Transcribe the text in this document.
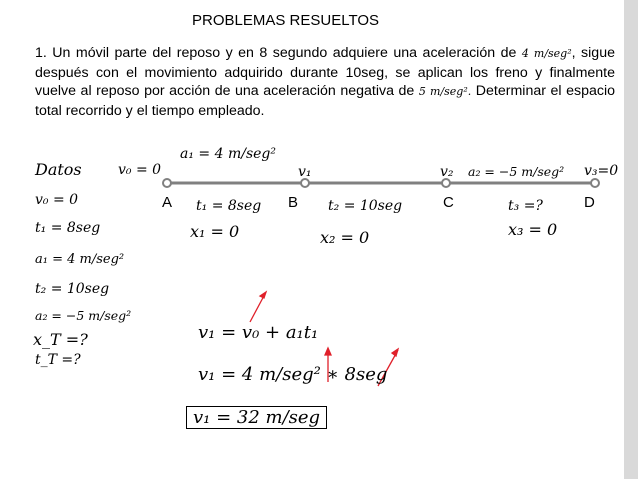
PROBLEMAS RESUELTOS
1. Un móvil parte del reposo y en 8 segundo adquiere una aceleración de 4 m/seg², sigue después con el movimiento adquirido durante 10seg, se aplican los freno y finalmente vuelve al reposo por acción de una aceleración negativa de 5 m/seg². Determinar el espacio total recorrido y el tiempo empleado.
Datos
A	B	C	D
v₀ = 0
a₁ = 4 m/seg²
v₁	v₂ a₂ = −5 m/seg² v₃=0
t₁ = 8seg	t₂ = 10seg	t₃ =?
x₁ = 0	x₂ = 0	x₃ = 0
v₀ = 0
t₁ = 8seg
a₁ = 4 m/seg²
t₂ = 10seg
a₂ = −5 m/seg²
x_T =?
t_T =?
v₁ = v₀ + a₁t₁
v₁ = 4 m/seg² ∗ 8seg
v₁ = 32 m/seg
